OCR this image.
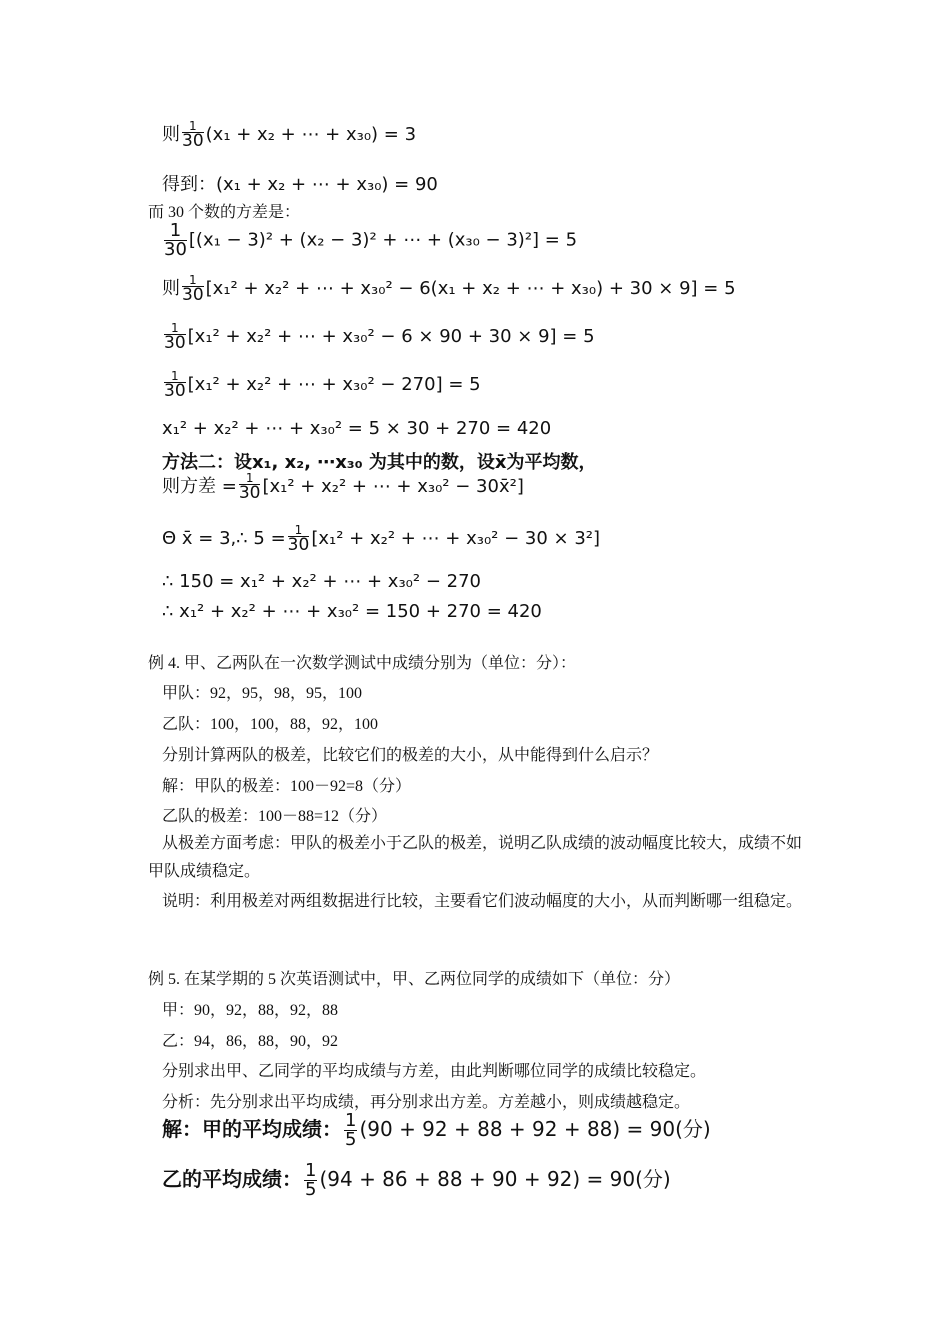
则 $\frac{1}{30} (x_1 + x_2$ + ⋯ + x₃₀) = 3
得到：(x₁ + x₂ + ⋯ + x₃₀) = 90
而 30 个数的方差是：
$\frac{1}{30} [(x_1 - 3)^2 + (x_2 - 3)^2$ + ⋯ + (x₃₀ − 3)²] = 5
则 $\frac{1}{30} [x_1^2 + x_2^2$ + ⋯ + x₃₀² − 6(x₁ + x₂ + ⋯ + x₃₀) + 30 × 9] = 5
$\frac{1}{30} [x_1^2 + x_2^2$ + ⋯ + x₃₀² − 6 × 90 + 30 × 9] = 5
$\frac{1}{30} [x_1^2 + x_2^2$ + ⋯ + x₃₀² − 270] = 5
x₁² + x₂² + ⋯ + x₃₀² = 5 × 30 + 270 = 420
方法二：设x₁, x₂, ⋯x₃₀ 为其中的数，设x̄为平均数，
则方差 = $\frac{1}{30} [x_1^2 + x_2^2$ + ⋯ + x₃₀² − 30x̄²]
Θ x̄ = 3,∴ $5 = \frac{1}{30} [x_1^2 + x_2^2$ + ⋯ + x₃₀² − 30 × 3²]
∴ 150 = x₁² + x₂² + ⋯ + x₃₀² − 270
∴ x₁² + x₂² + ⋯ + x₃₀² = 150 + 270 = 420
例 4. 甲、乙两队在一次数学测试中成绩分别为（单位：分）：
甲队：92，95，98，95，100
乙队：100，100，88，92，100
分别计算两队的极差，比较它们的极差的大小，从中能得到什么启示？
解：甲队的极差：100－92=8（分）
乙队的极差：100－88=12（分）
从极差方面考虑：甲队的极差小于乙队的极差，说明乙队成绩的波动幅度比较大，成绩不如甲队成绩稳定。
说明：利用极差对两组数据进行比较，主要看它们波动幅度的大小，从而判断哪一组稳定。
例 5. 在某学期的 5 次英语测试中，甲、乙两位同学的成绩如下（单位：分）
甲：90，92，88，92，88
乙：94，86，88，90，92
分别求出甲、乙同学的平均成绩与方差，由此判断哪位同学的成绩比较稳定。
分析：先分别求出平均成绩，再分别求出方差。方差越小，则成绩越稳定。
解：甲的平均成绩： $\frac{1}{5} (90 + 92 + 88 + 92 + 88) = 90$(分)
乙的平均成绩： $\frac{1}{5} (94 + 86 + 88 + 90 + 92) = 90$(分)
